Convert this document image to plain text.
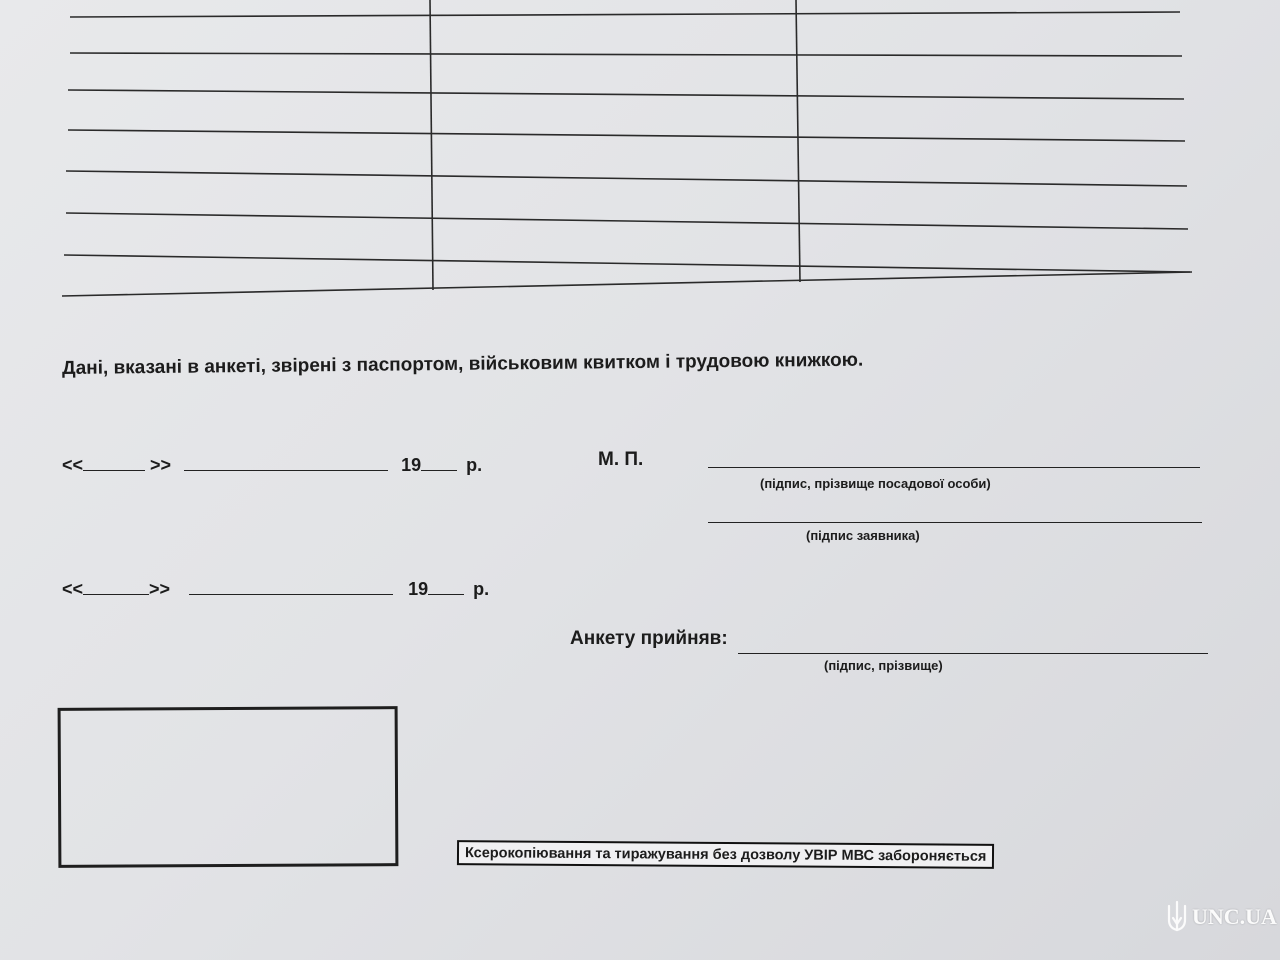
Дані, вказані в анкеті, звірені з паспортом, військовим квитком і трудовою книжкою.
<<	>>	19	р.	М. П.
(підпис, прізвище посадової особи)
(підпис заявника)
<<	>>	19	р.
Анкету прийняв:
(підпис, прізвище)
Ксерокопіювання та тиражування без дозволу УВІР МВС забороняється
UNC.UA
